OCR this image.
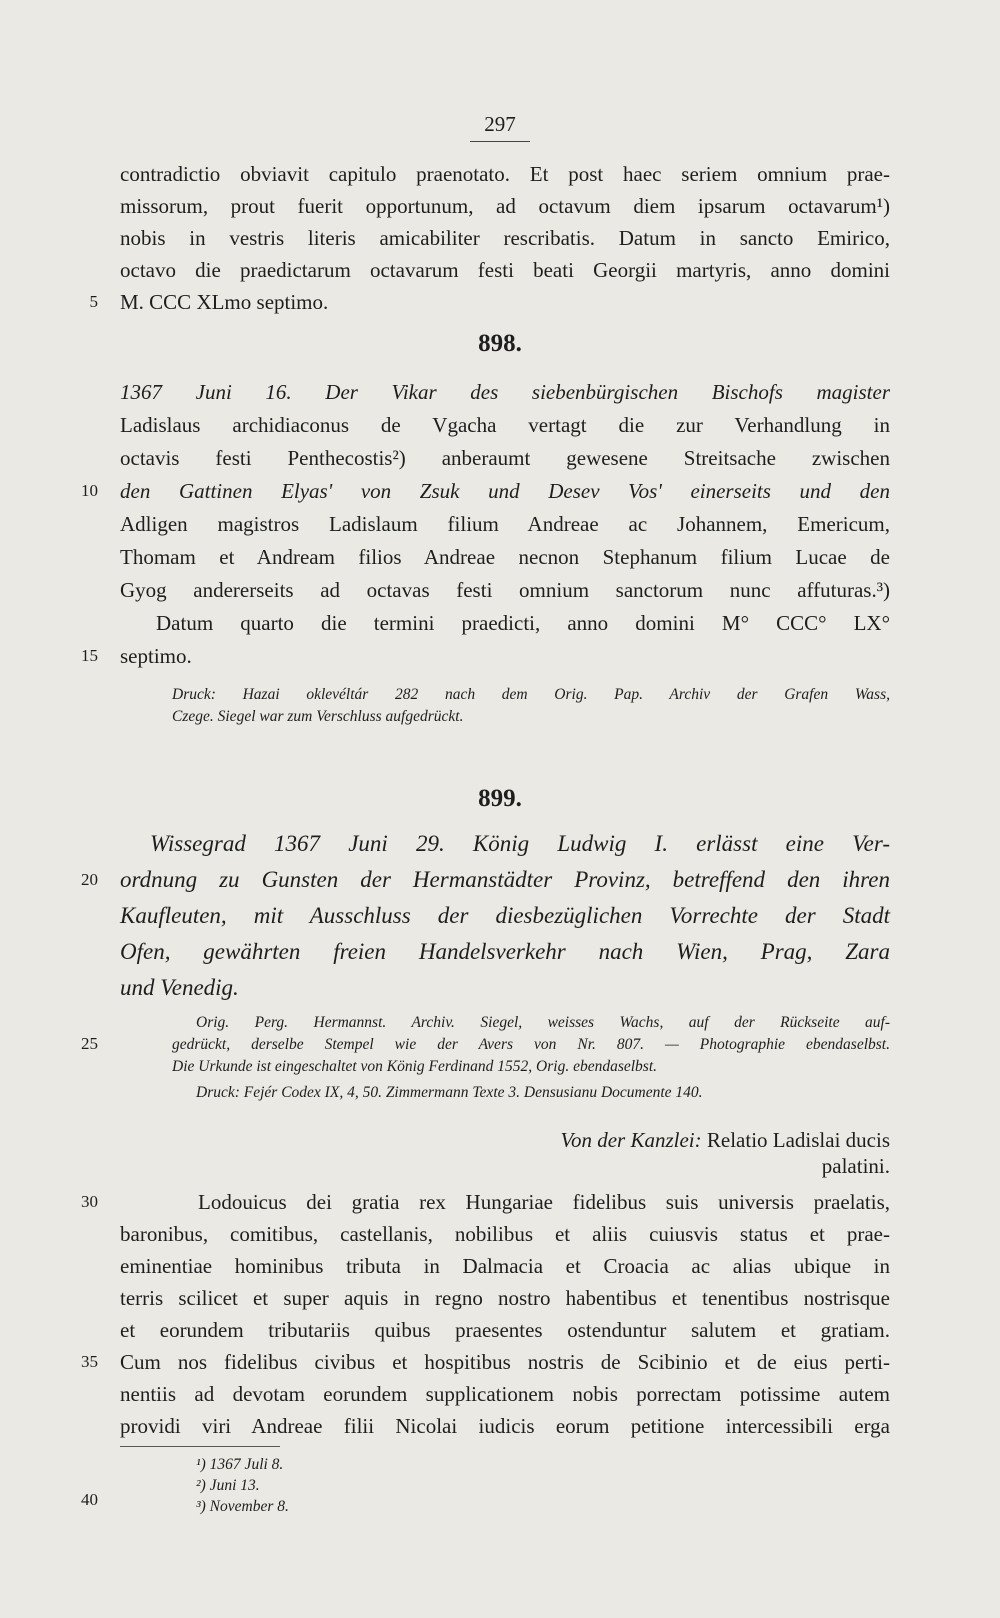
297
contradictio obviavit capitulo praenotato. Et post haec seriem omnium prae-
missorum, prout fuerit opportunum, ad octavum diem ipsarum octavarum¹)
nobis in vestris literis amicabiliter rescribatis. Datum in sancto Emirico,
octavo die praedictarum octavarum festi beati Georgii martyris, anno domini
M. CCC XLmo septimo.
898.
1367 Juni 16. Der Vikar des siebenbürgischen Bischofs magister
Ladislaus archidiaconus de Vgacha vertagt die zur Verhandlung in
octavis festi Penthecostis²) anberaumt gewesene Streitsache zwischen
den Gattinen Elyas' von Zsuk und Desev Vos' einerseits und den
Adligen magistros Ladislaum filium Andreae ac Johannem, Emericum,
Thomam et Andream filios Andreae necnon Stephanum filium Lucae de
Gyog andererseits ad octavas festi omnium sanctorum nunc affuturas.³)
Datum quarto die termini praedicti, anno domini M° CCC° LX°
septimo.
Druck: Hazai oklevéltár 282 nach dem Orig. Pap. Archiv der Grafen Wass,
Czege. Siegel war zum Verschluss aufgedrückt.
899.
Wissegrad 1367 Juni 29. König Ludwig I. erlässt eine Ver-
ordnung zu Gunsten der Hermanstädter Provinz, betreffend den ihren
Kaufleuten, mit Ausschluss der diesbezüglichen Vorrechte der Stadt
Ofen, gewährten freien Handelsverkehr nach Wien, Prag, Zara
und Venedig.
Orig. Perg. Hermannst. Archiv. Siegel, weisses Wachs, auf der Rückseite auf-
gedrückt, derselbe Stempel wie der Avers von Nr. 807. — Photographie ebendaselbst.
Die Urkunde ist eingeschaltet von König Ferdinand 1552, Orig. ebendaselbst.
Druck: Fejér Codex IX, 4, 50. Zimmermann Texte 3. Densusianu Documente 140.
Von der Kanzlei: Relatio Ladislai ducis
palatini.
Lodouicus dei gratia rex Hungariae fidelibus suis universis praelatis,
baronibus, comitibus, castellanis, nobilibus et aliis cuiusvis status et prae-
eminentiae hominibus tributa in Dalmacia et Croacia ac alias ubique in
terris scilicet et super aquis in regno nostro habentibus et tenentibus nostrisque
et eorundem tributariis quibus praesentes ostenduntur salutem et gratiam.
Cum nos fidelibus civibus et hospitibus nostris de Scibinio et de eius perti-
nentiis ad devotam eorundem supplicationem nobis porrectam potissime autem
providi viri Andreae filii Nicolai iudicis eorum petitione intercessibili erga
¹) 1367 Juli 8.
²) Juni 13.
³) November 8.
5
10
15
20
25
30
35
40
